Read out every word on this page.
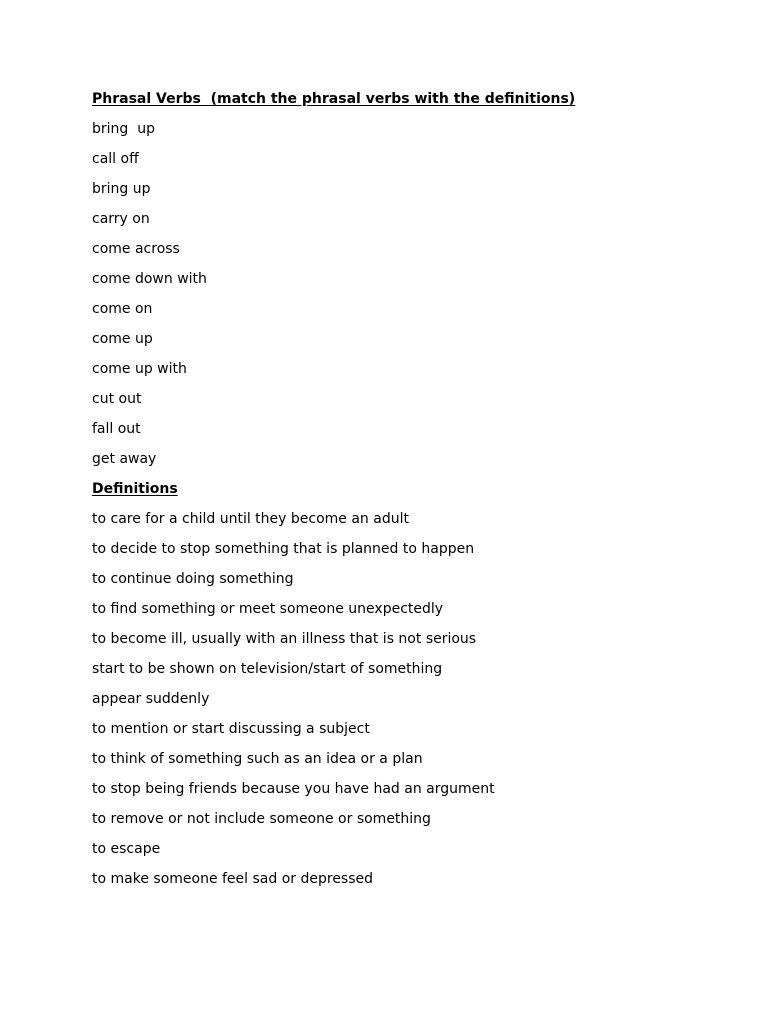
Phrasal Verbs  (match the phrasal verbs with the definitions)
bring  up
call off
bring up
carry on
come across
come down with
come on
come up
come up with
cut out
fall out
get away
Definitions
to care for a child until they become an adult
to decide to stop something that is planned to happen
to continue doing something
to find something or meet someone unexpectedly
to become ill, usually with an illness that is not serious
start to be shown on television/start of something
appear suddenly
to mention or start discussing a subject
to think of something such as an idea or a plan
to stop being friends because you have had an argument
to remove or not include someone or something
to escape
to make someone feel sad or depressed
